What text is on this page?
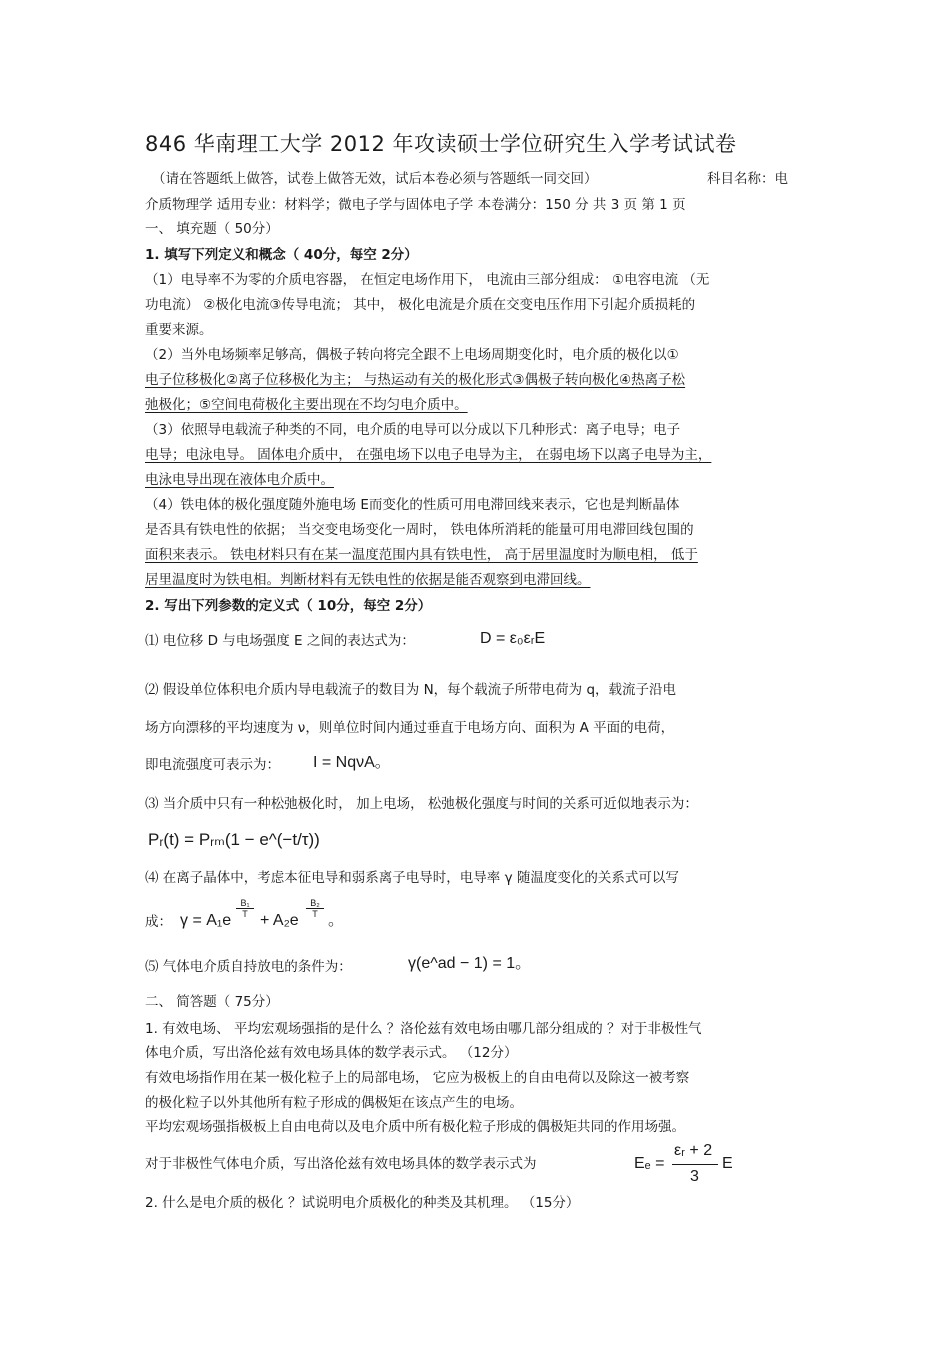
846 华南理工大学 2012 年攻读硕士学位研究生入学考试试卷
（请在答题纸上做答，试卷上做答无效，试后本卷必须与答题纸一同交回）	科目名称：电
介质物理学 适用专业：材料学；微电子学与固体电子学 本卷满分：150 分 共 3 页 第 1 页
一、 填充题（ 50分）
1. 填写下列定义和概念（ 40分，每空 2分）
（1）电导率不为零的介质电容器， 在恒定电场作用下， 电流由三部分组成： ①电容电流 （无
功电流） ②极化电流③传导电流； 其中， 极化电流是介质在交变电压作用下引起介质损耗的
重要来源。
（2）当外电场频率足够高，偶极子转向将完全跟不上电场周期变化时，电介质的极化以①
电子位移极化②离子位移极化为主； 与热运动有关的极化形式③偶极子转向极化④热离子松
弛极化；⑤空间电荷极化主要出现在不均匀电介质中。
（3）依照导电载流子种类的不同，电介质的电导可以分成以下几种形式：离子电导；电子
电导；电泳电导。 固体电介质中， 在强电场下以电子电导为主， 在弱电场下以离子电导为主，
电泳电导出现在液体电介质中。
（4）铁电体的极化强度随外施电场 E而变化的性质可用电滞回线来表示，它也是判断晶体
是否具有铁电性的依据； 当交变电场变化一周时， 铁电体所消耗的能量可用电滞回线包围的
面积来表示。 铁电材料只有在某一温度范围内具有铁电性， 高于居里温度时为顺电相， 低于
居里温度时为铁电相。判断材料有无铁电性的依据是能否观察到电滞回线。
2. 写出下列参数的定义式（ 10分，每空 2分）
⑴ 电位移 D 与电场强度 E 之间的表达式为：	D = ε₀εᵣE
⑵ 假设单位体积电介质内导电载流子的数目为 N，每个载流子所带电荷为 q，载流子沿电
场方向漂移的平均速度为 ν，则单位时间内通过垂直于电场方向、面积为 A 平面的电荷，
即电流强度可表示为： I = NqνA。
⑶ 当介质中只有一种松弛极化时， 加上电场， 松弛极化强度与时间的关系可近似地表示为：
Pᵣ(t) = Pᵣₘ(1 − e^(−t/τ))
⑷ 在离子晶体中，考虑本征电导和弱系离子电导时，电导率 γ 随温度变化的关系式可以写
成： γ = A₁e
$\frac{\text{B₁}}{T}$
+ A₂e
$\frac{\text{B₂}}{T}$
。
⑸ 气体电介质自持放电的条件为：	γ(e^ad − 1) = 1。
二、 简答题（ 75分）
1. 有效电场、 平均宏观场强指的是什么 ？洛伦兹有效电场由哪几部分组成的 ？对于非极性气
体电介质，写出洛伦兹有效电场具体的数学表示式。 （12分）
有效电场指作用在某一极化粒子上的局部电场， 它应为极板上的自由电荷以及除这一被考察
的极化粒子以外其他所有粒子形成的偶极矩在该点产生的电场。
平均宏观场强指极板上自由电荷以及电介质中所有极化粒子形成的偶极矩共同的作用场强。
对于非极性气体电介质，写出洛伦兹有效电场具体的数学表示式为	Eₑ =
εᵣ + 2
3
E
2. 什么是电介质的极化 ？试说明电介质极化的种类及其机理。 （15分）
